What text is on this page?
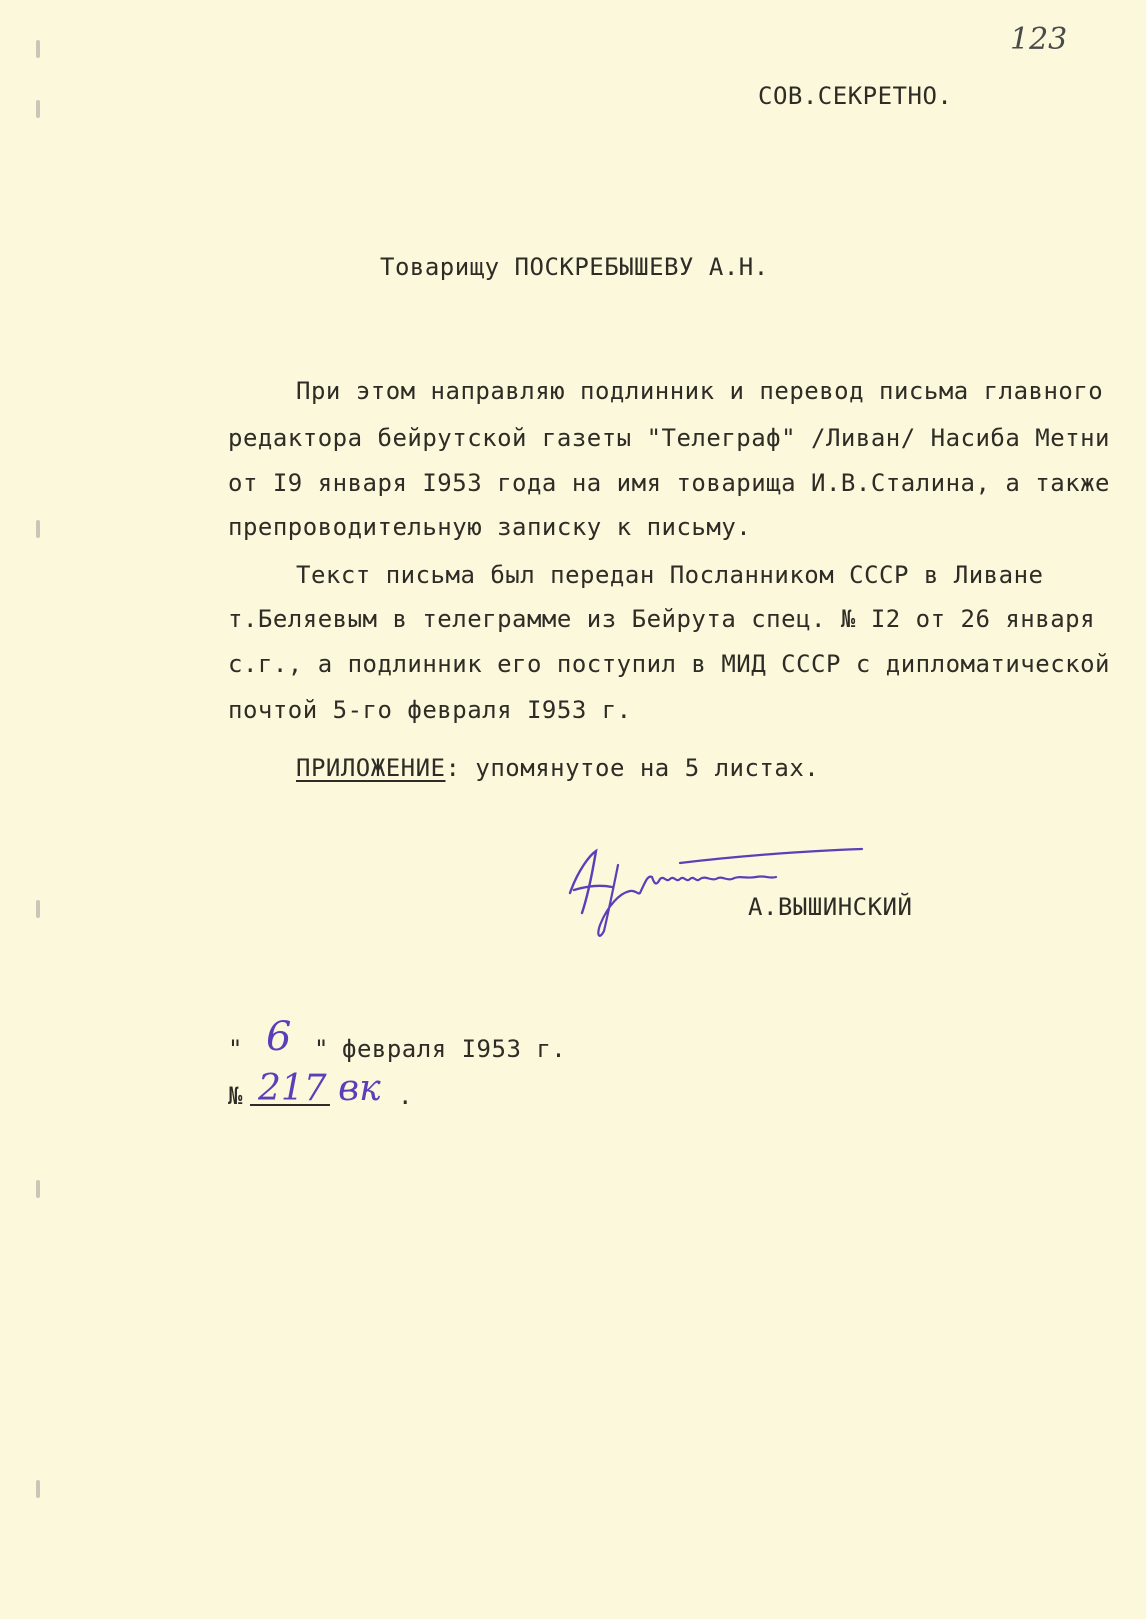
123
СОВ.СЕКРЕТНО.
Товарищу ПОСКРЕБЫШЕВУ А.Н.
При этом направляю подлинник и перевод письма главного
редактора бейрутской газеты "Телеграф" /Ливан/ Насиба Метни
от I9 января I953 года на имя товарища И.В.Сталина, а также
препроводительную записку к письму.
Текст письма был передан Посланником СССР в Ливане
т.Беляевым в телеграмме из Бейрута спец. № I2 от 26 января
с.г., а подлинник его поступил в МИД СССР с дипломатической
почтой 5-го февраля I953 г.
ПРИЛОЖЕНИЕ: упомянутое на 5 листах.
А.ВЫШИНСКИЙ
" 6 " февраля I953 г.
№ 217 вк .
